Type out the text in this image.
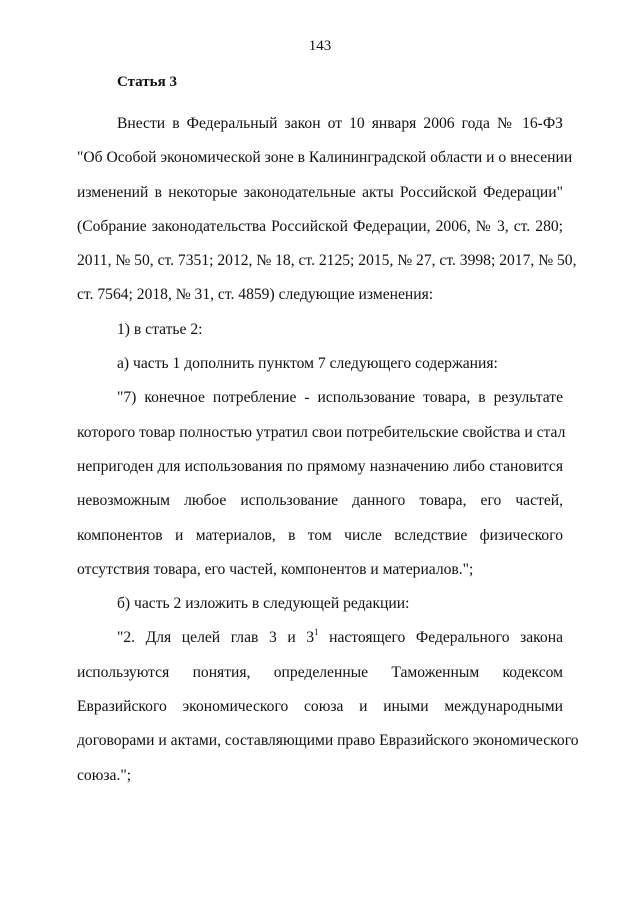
143
Статья 3
Внести в Федеральный закон от 10 января 2006 года № 16-ФЗ
"Об Особой экономической зоне в Калининградской области и о внесении
изменений в некоторые законодательные акты Российской Федерации"
(Собрание законодательства Российской Федерации, 2006, № 3, ст. 280;
2011, № 50, ст. 7351; 2012, № 18, ст. 2125; 2015, № 27, ст. 3998; 2017, № 50,
ст. 7564; 2018, № 31, ст. 4859) следующие изменения:
1) в статье 2:
а) часть 1 дополнить пунктом 7 следующего содержания:
"7) конечное потребление - использование товара, в результате
которого товар полностью утратил свои потребительские свойства и стал
непригоден для использования по прямому назначению либо становится
невозможным любое использование данного товара, его частей,
компонентов и материалов, в том числе вследствие физического
отсутствия товара, его частей, компонентов и материалов.";
б) часть 2 изложить в следующей редакции:
"2. Для целей глав 3 и $3^1$ настоящего Федерального закона
используются понятия, определенные Таможенным кодексом
Евразийского экономического союза и иными международными
договорами и актами, составляющими право Евразийского экономического
союза.";
